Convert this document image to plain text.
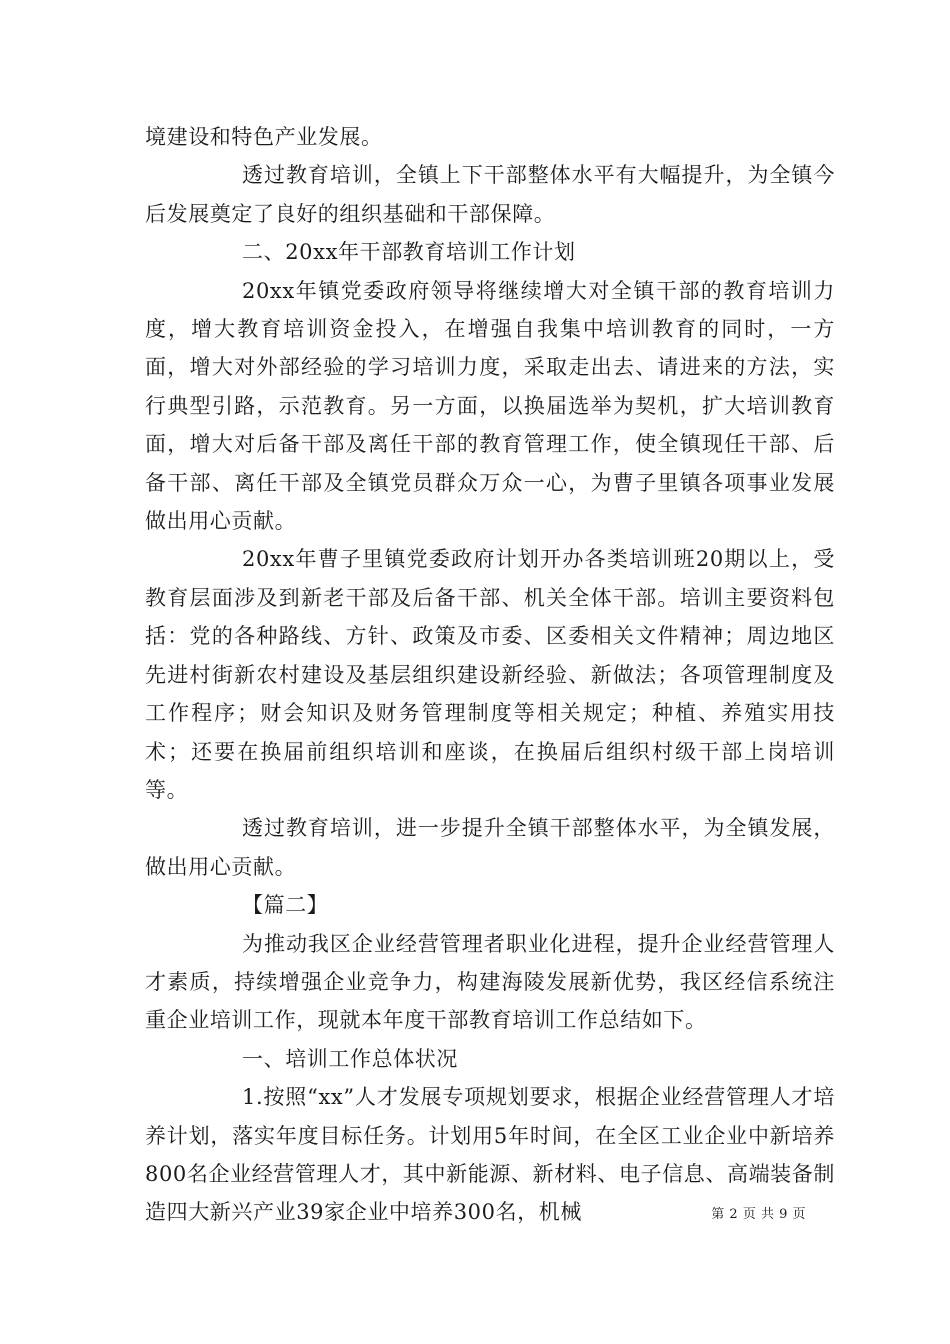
境建设和特色产业发展。

透过教育培训，全镇上下干部整体水平有大幅提升，为全镇今后发展奠定了良好的组织基础和干部保障。

二、20xx年干部教育培训工作计划

20xx年镇党委政府领导将继续增大对全镇干部的教育培训力度，增大教育培训资金投入，在增强自我集中培训教育的同时，一方面，增大对外部经验的学习培训力度，采取走出去、请进来的方法，实行典型引路，示范教育。另一方面，以换届选举为契机，扩大培训教育面，增大对后备干部及离任干部的教育管理工作，使全镇现任干部、后备干部、离任干部及全镇党员群众万众一心，为曹子里镇各项事业发展做出用心贡献。

20xx年曹子里镇党委政府计划开办各类培训班20期以上，受教育层面涉及到新老干部及后备干部、机关全体干部。培训主要资料包括：党的各种路线、方针、政策及市委、区委相关文件精神；周边地区先进村街新农村建设及基层组织建设新经验、新做法；各项管理制度及工作程序；财会知识及财务管理制度等相关规定；种植、养殖实用技术；还要在换届前组织培训和座谈，在换届后组织村级干部上岗培训等。

透过教育培训，进一步提升全镇干部整体水平，为全镇发展，做出用心贡献。

【篇二】

为推动我区企业经营管理者职业化进程，提升企业经营管理人才素质，持续增强企业竞争力，构建海陵发展新优势，我区经信系统注重企业培训工作，现就本年度干部教育培训工作总结如下。

一、培训工作总体状况

1.按照“xx”人才发展专项规划要求，根据企业经营管理人才培养计划，落实年度目标任务。计划用5年时间，在全区工业企业中新培养800名企业经营管理人才，其中新能源、新材料、电子信息、高端装备制造四大新兴产业39家企业中培养300名，机械	第 2 页 共 9 页
